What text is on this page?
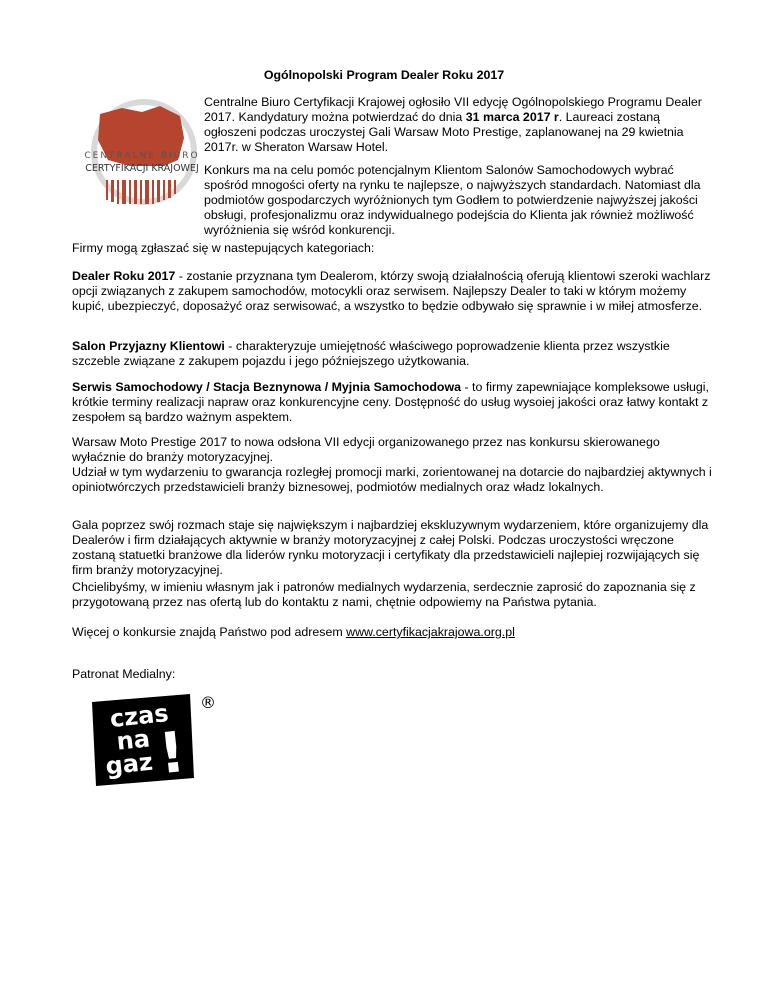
Ogólnopolski Program Dealer Roku 2017
CENTRALNE BIURO
CERTYFIKACJI KRAJOWEJ
Centralne Biuro Certyfikacji Krajowej ogłosiło VII edycję Ogólnopolskiego Programu Dealer 2017. Kandydatury można potwierdzać do dnia 31 marca 2017 r. Laureaci zostaną ogłoszeni podczas uroczystej Gali Warsaw Moto Prestige, zaplanowanej na 29 kwietnia 2017r. w Sheraton Warsaw Hotel.
Konkurs ma na celu pomóc potencjalnym Klientom Salonów Samochodowych wybrać spośród mnogości oferty na rynku te najlepsze, o najwyższych standardach. Natomiast dla podmiotów gospodarczych wyróżnionych tym Godłem to potwierdzenie najwyższej jakości obsługi, profesjonalizmu oraz indywidualnego podejścia do Klienta jak również możliwość wyróżnienia się wśród konkurencji.
Firmy mogą zgłaszać się w nastepujących kategoriach:
Dealer Roku 2017 - zostanie przyznana tym Dealerom, którzy swoją działalnością oferują klientowi szeroki wachlarz opcji związanych z zakupem samochodów, motocykli oraz serwisem. Najlepszy Dealer to taki w którym możemy kupić, ubezpieczyć, doposażyć oraz serwisować, a wszystko to będzie odbywało się sprawnie i w miłej atmosferze.
Salon Przyjazny Klientowi - charakteryzuje umiejętność właściwego poprowadzenie klienta przez wszystkie szczeble związane z zakupem pojazdu i jego późniejszego użytkowania.
Serwis Samochodowy / Stacja Beznynowa / Myjnia Samochodowa - to firmy zapewniające kompleksowe usługi, krótkie terminy realizacji napraw oraz konkurencyjne ceny. Dostępność do usług wysoiej jakości oraz łatwy kontakt z zespołem są bardzo ważnym aspektem.
Warsaw Moto Prestige 2017 to nowa odsłona VII edycji organizowanego przez nas konkursu skierowanego wyłaćznie do branży motoryzacyjnej.
Udział w tym wydarzeniu to gwarancja rozległej promocji marki, zorientowanej na dotarcie do najbardziej aktywnych i opiniotwórczych przedstawicieli branży biznesowej, podmiotów medialnych oraz władz lokalnych.
Gala poprzez swój rozmach staje się największym i najbardziej ekskluzywnym wydarzeniem, które organizujemy dla Dealerów i firm działających aktywnie w branży motoryzacyjnej z całej Polski. Podczas uroczystości wręczone zostaną statuetki branżowe dla liderów rynku motoryzacji i certyfikaty dla przedstawicieli najlepiej rozwijających się firm branży motoryzacyjnej.
Chcielibyśmy, w imieniu własnym jak i patronów medialnych wydarzenia, serdecznie zaprosić do zapoznania się z przygotowaną przez nas ofertą lub do kontaktu z nami, chętnie odpowiemy na Państwa pytania.
Więcej o konkursie znajdą Państwo pod adresem www.certyfikacjakrajowa.org.pl
Patronat Medialny:
czas
na
gaz !
®
